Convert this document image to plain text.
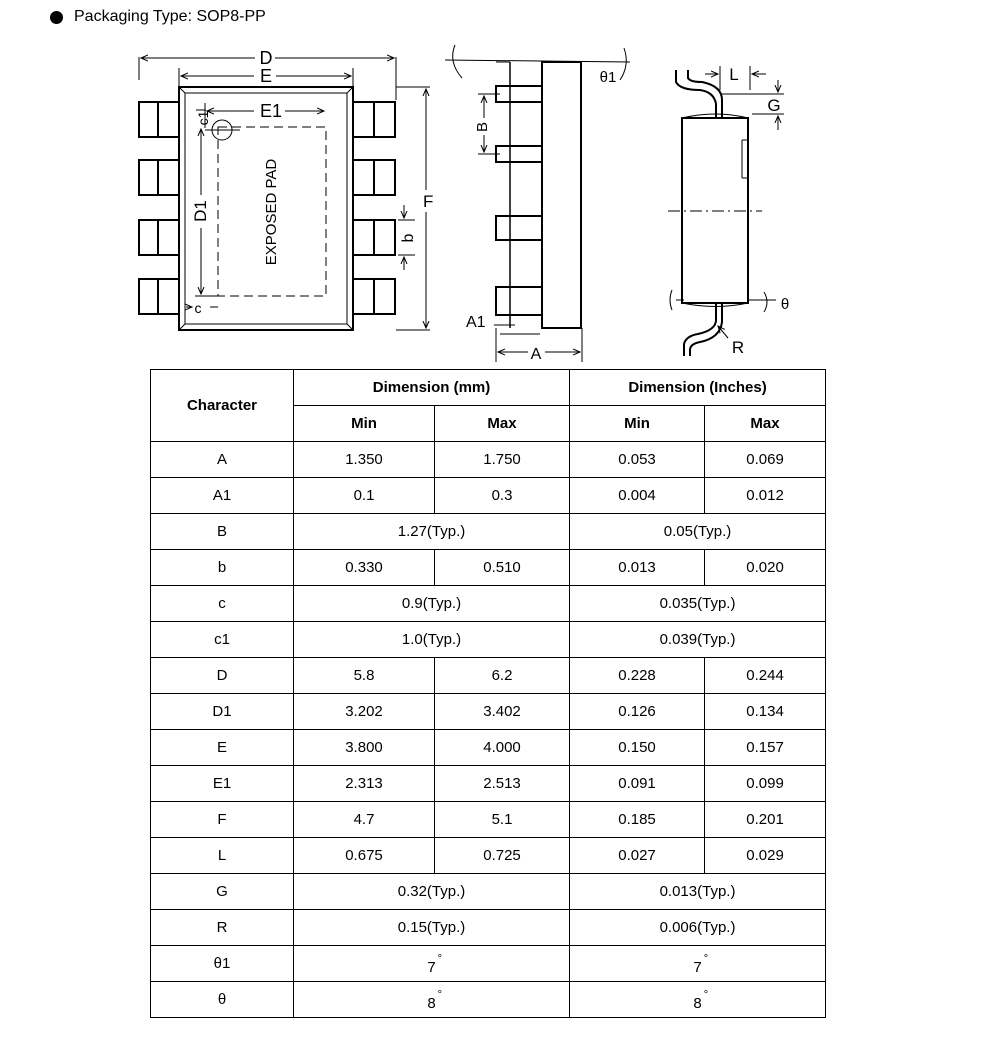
Packaging Type: SOP8-PP
D
E
E1
c1
D1	EXPOSED PAD	F
b
c
B
A1
A
θ1	L
G
θ
R
Character	Dimension (mm)		Dimension (Inches)	
	Min	Max	Min	Max
A	1.350	1.750	0.053	0.069
A1	0.1	0.3	0.004	0.012
B	1.27(Typ.)		0.05(Typ.)	
b	0.330	0.510	0.013	0.020
c	0.9(Typ.)		0.035(Typ.)	
c1	1.0(Typ.)		0.039(Typ.)	
D	5.8	6.2	0.228	0.244
D1	3.202	3.402	0.126	0.134
E	3.800	4.000	0.150	0.157
E1	2.313	2.513	0.091	0.099
F	4.7	5.1	0.185	0.201
L	0.675	0.725	0.027	0.029
G	0.32(Typ.)		0.013(Typ.)	
R	0.15(Typ.)		0.006(Typ.)	
θ1	7 °		7 °	

θ	8 °		8 °	
